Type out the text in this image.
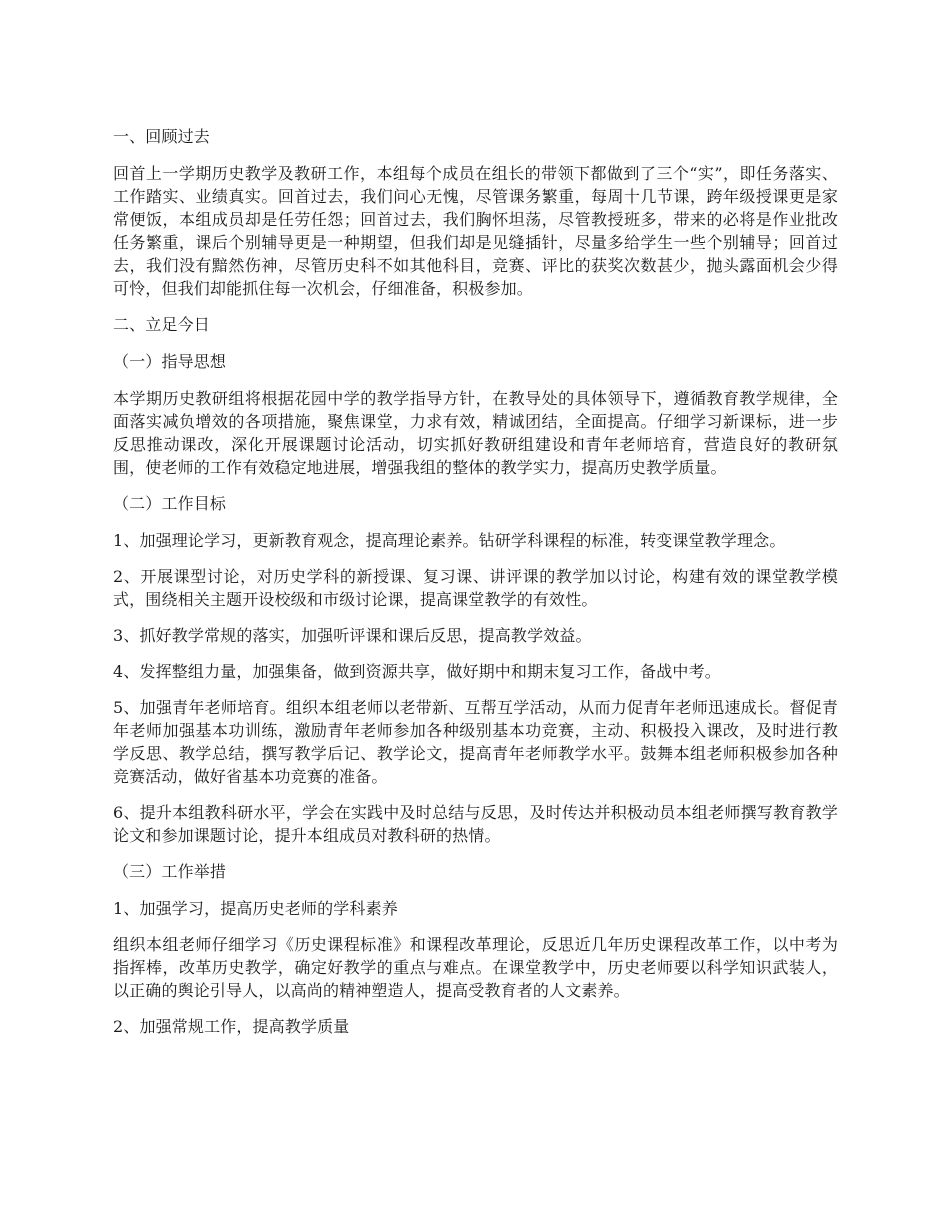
一、回顾过去
回首上一学期历史教学及教研工作，本组每个成员在组长的带领下都做到了三个“实”，即任务落实、工作踏实、业绩真实。回首过去，我们问心无愧，尽管课务繁重，每周十几节课，跨年级授课更是家常便饭，本组成员却是任劳任怨；回首过去，我们胸怀坦荡，尽管教授班多，带来的必将是作业批改任务繁重，课后个别辅导更是一种期望，但我们却是见缝插针，尽量多给学生一些个别辅导；回首过去，我们没有黯然伤神，尽管历史科不如其他科目，竞赛、评比的获奖次数甚少，抛头露面机会少得可怜，但我们却能抓住每一次机会，仔细准备，积极参加。
二、立足今日
（一）指导思想
本学期历史教研组将根据花园中学的教学指导方针，在教导处的具体领导下，遵循教育教学规律，全面落实减负增效的各项措施，聚焦课堂，力求有效，精诚团结，全面提高。仔细学习新课标，进一步反思推动课改，深化开展课题讨论活动，切实抓好教研组建设和青年老师培育，营造良好的教研氛围，使老师的工作有效稳定地进展，增强我组的整体的教学实力，提高历史教学质量。
（二）工作目标
1、加强理论学习，更新教育观念，提高理论素养。钻研学科课程的标准，转变课堂教学理念。
2、开展课型讨论，对历史学科的新授课、复习课、讲评课的教学加以讨论，构建有效的课堂教学模式，围绕相关主题开设校级和市级讨论课，提高课堂教学的有效性。
3、抓好教学常规的落实，加强听评课和课后反思，提高教学效益。
4、发挥整组力量，加强集备，做到资源共享，做好期中和期末复习工作，备战中考。
5、加强青年老师培育。组织本组老师以老带新、互帮互学活动，从而力促青年老师迅速成长。督促青年老师加强基本功训练，激励青年老师参加各种级别基本功竞赛，主动、积极投入课改，及时进行教学反思、教学总结，撰写教学后记、教学论文，提高青年老师教学水平。鼓舞本组老师积极参加各种竞赛活动，做好省基本功竞赛的准备。
6、提升本组教科研水平，学会在实践中及时总结与反思，及时传达并积极动员本组老师撰写教育教学论文和参加课题讨论，提升本组成员对教科研的热情。
（三）工作举措
1、加强学习，提高历史老师的学科素养
组织本组老师仔细学习《历史课程标准》和课程改革理论，反思近几年历史课程改革工作，以中考为指挥棒，改革历史教学，确定好教学的重点与难点。在课堂教学中，历史老师要以科学知识武装人，以正确的舆论引导人，以高尚的精神塑造人，提高受教育者的人文素养。
2、加强常规工作，提高教学质量
